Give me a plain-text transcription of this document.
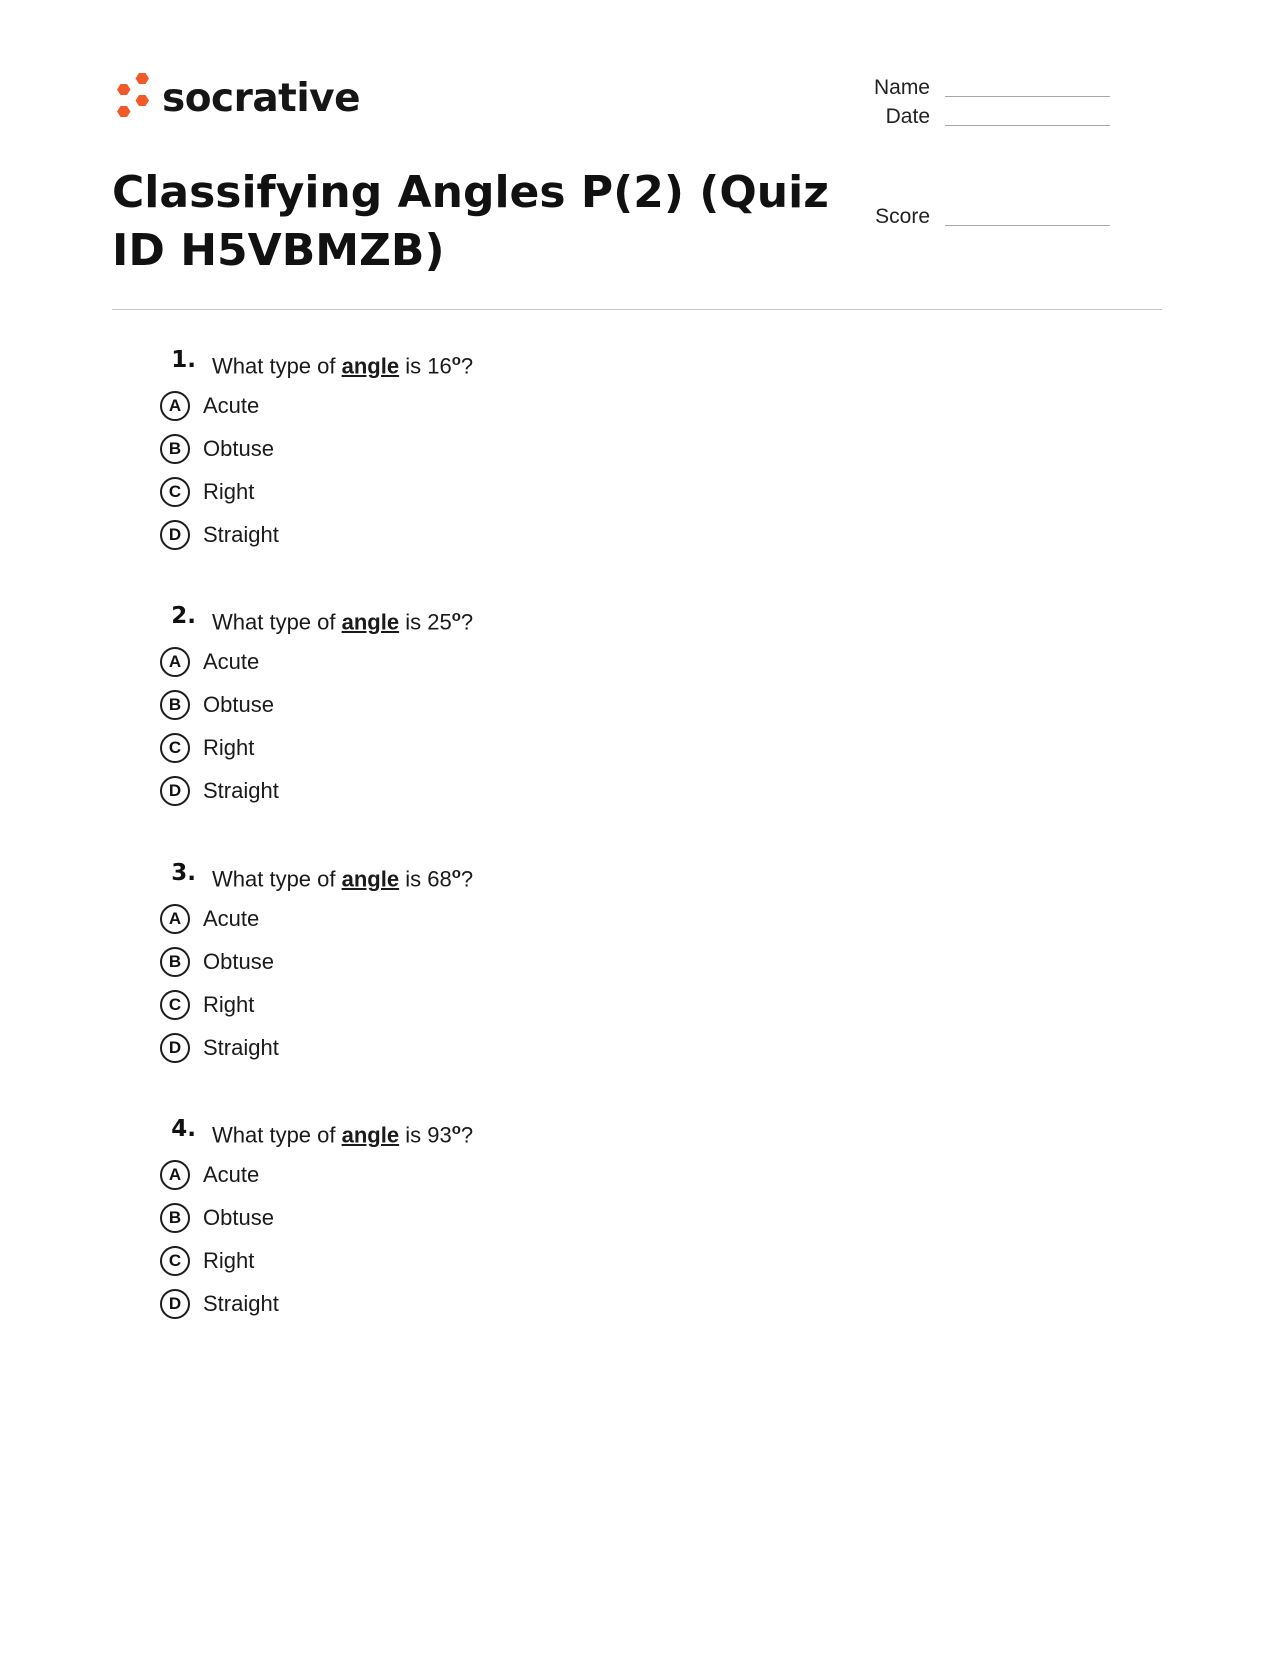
socrative
Classifying Angles P(2) (Quiz ID H5VBMZB)
Name
Date
Score
1. What type of angle is 16$^o$?
A Acute
B Obtuse
C Right
D Straight
2. What type of angle is 25$^o$?
A Acute
B Obtuse
C Right
D Straight
3. What type of angle is 68$^o$?
A Acute
B Obtuse
C Right
D Straight
4. What type of angle is 93$^o$?
A Acute
B Obtuse
C Right
D Straight
